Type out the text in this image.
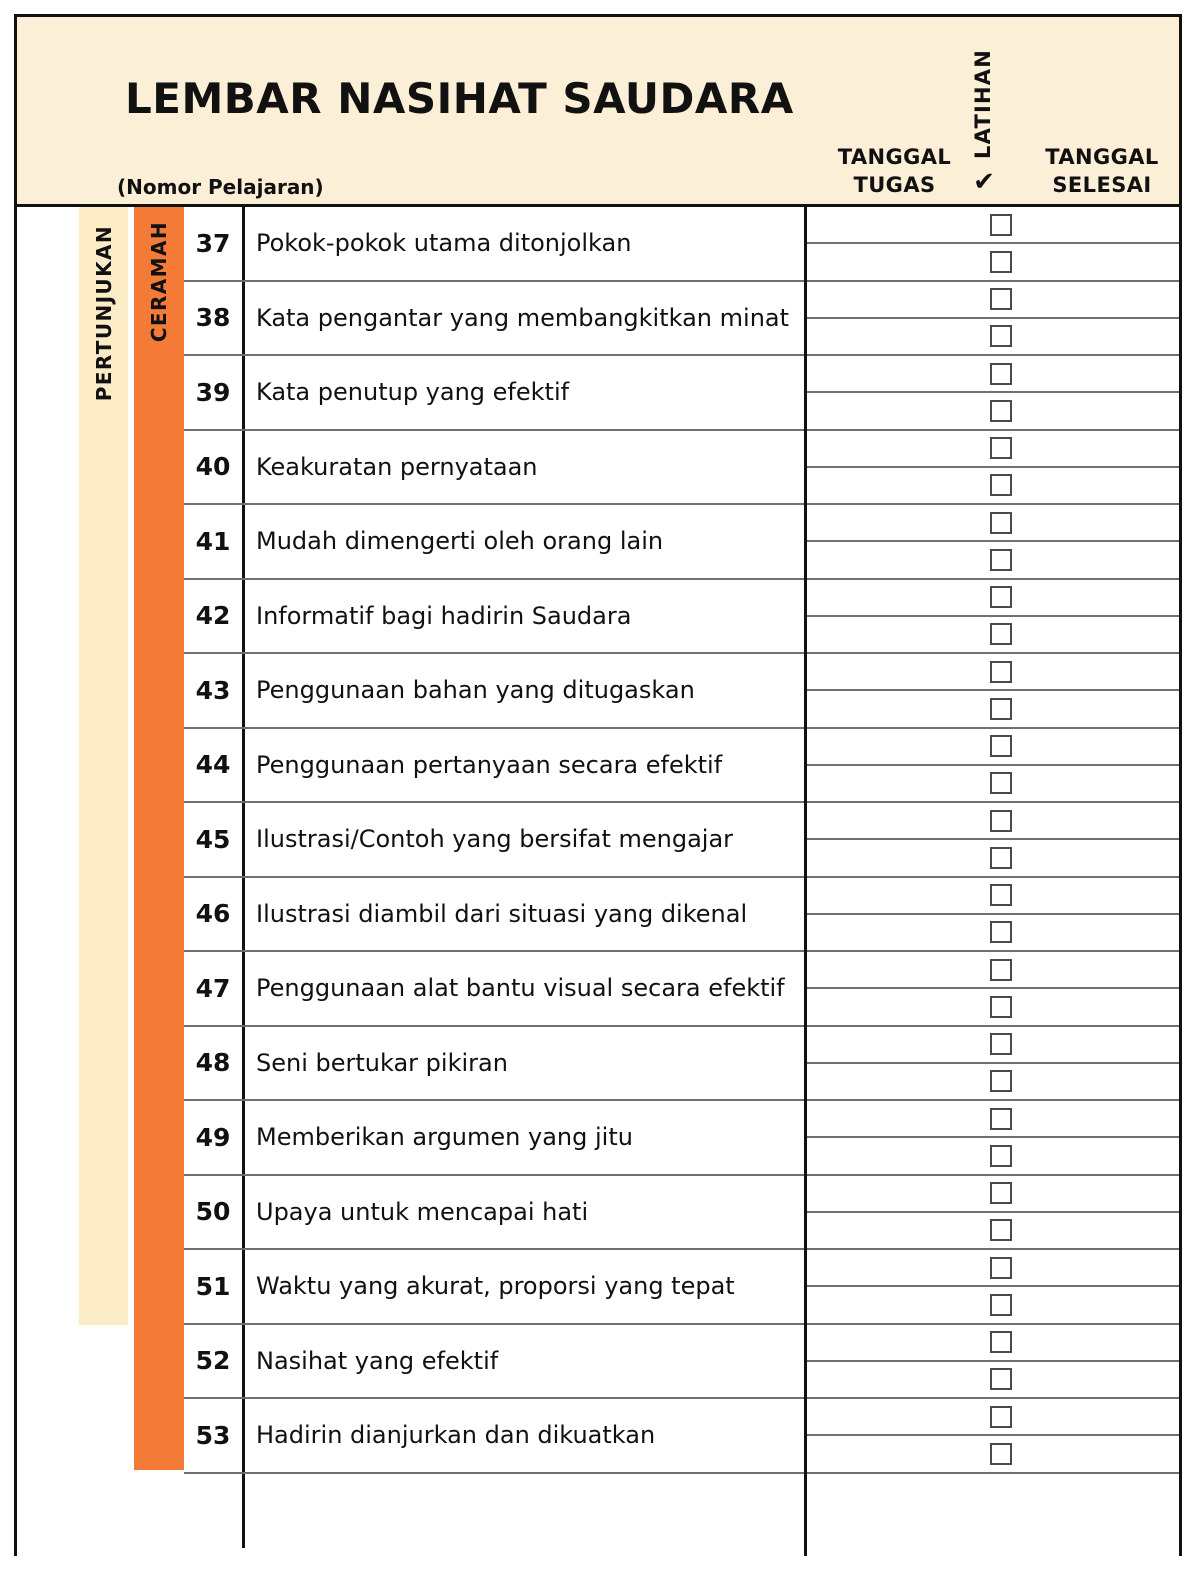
LEMBAR NASIHAT SAUDARA
(Nomor Pelajaran)
TANGGAL
TUGAS
LATIHAN
✔
TANGGAL
SELESAI
PERTUNJUKAN CERAMAH 37	Pokok-pokok utama ditonjolkan
38	Kata pengantar yang membangkitkan minat
39	Kata penutup yang efektif
40	Keakuratan pernyataan
41	Mudah dimengerti oleh orang lain
42	Informatif bagi hadirin Saudara
43	Penggunaan bahan yang ditugaskan
44	Penggunaan pertanyaan secara efektif
45	Ilustrasi/Contoh yang bersifat mengajar
46	Ilustrasi diambil dari situasi yang dikenal
47	Penggunaan alat bantu visual secara efektif
48	Seni bertukar pikiran
49	Memberikan argumen yang jitu
50	Upaya untuk mencapai hati
51	Waktu yang akurat, proporsi yang tepat
52	Nasihat yang efektif
53	Hadirin dianjurkan dan dikuatkan
